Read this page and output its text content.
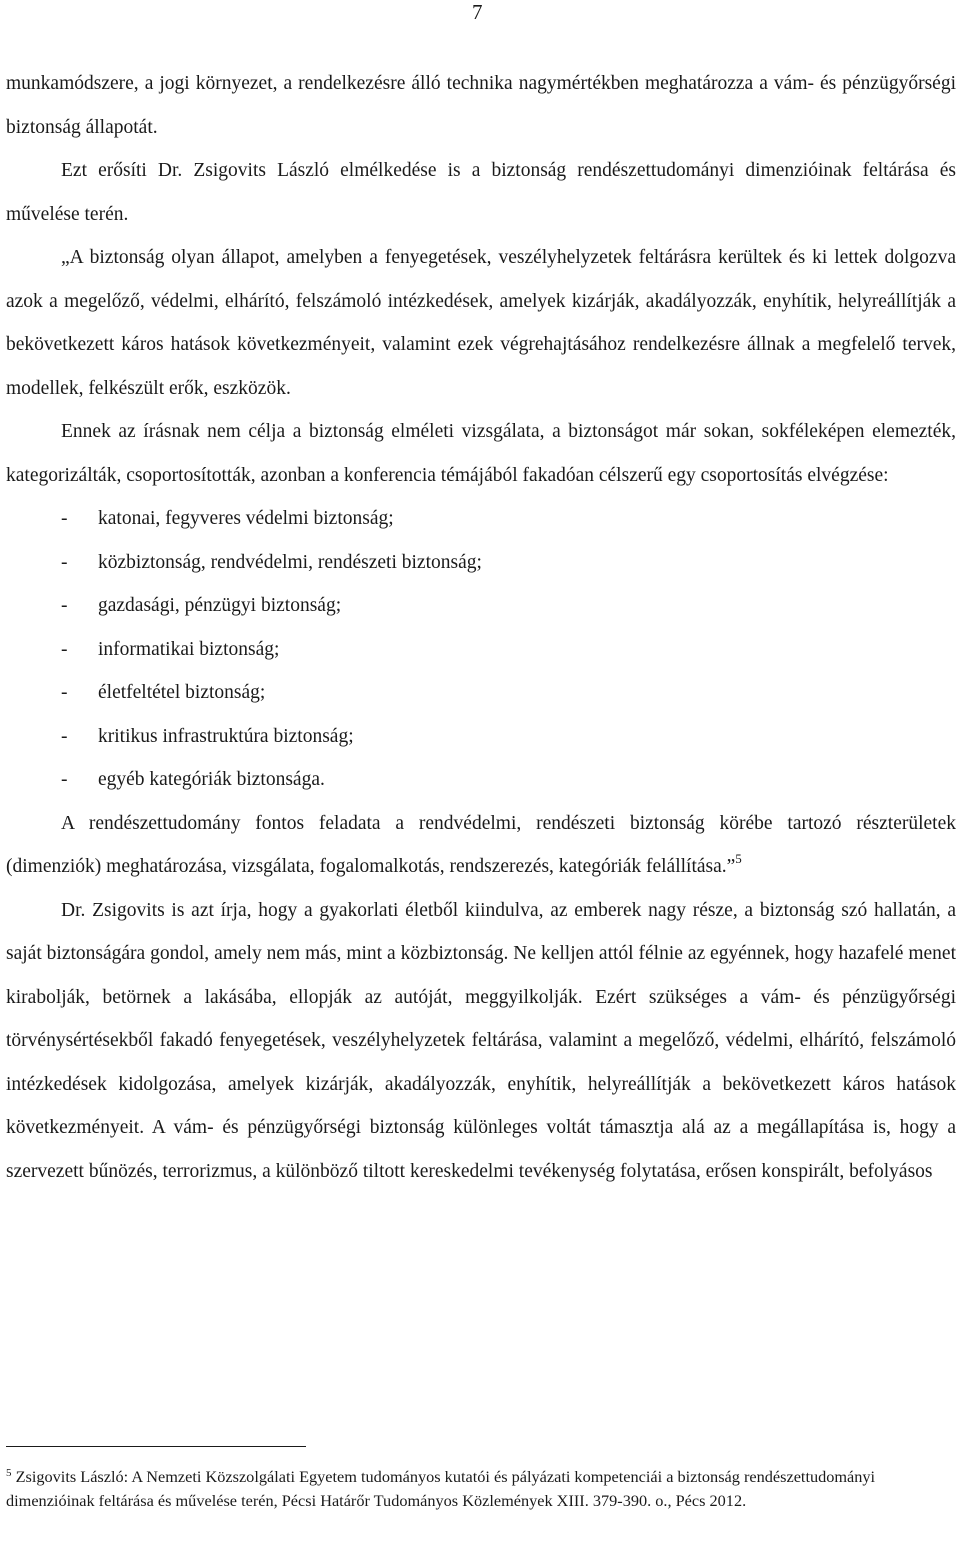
7

munkamódszere, a jogi környezet, a rendelkezésre álló technika nagymértékben meghatározza a vám- és pénzügyőrségi biztonság állapotát.

Ezt erősíti Dr. Zsigovits László elmélkedése is a biztonság rendészettudományi dimenzióinak feltárása és művelése terén.

„A biztonság olyan állapot, amelyben a fenyegetések, veszélyhelyzetek feltárásra kerültek és ki lettek dolgozva azok a megelőző, védelmi, elhárító, felszámoló intézkedések, amelyek kizárják, akadályozzák, enyhítik, helyreállítják a bekövetkezett káros hatások következményeit, valamint ezek végrehajtásához rendelkezésre állnak a megfelelő tervek, modellek, felkészült erők, eszközök.

Ennek az írásnak nem célja a biztonság elméleti vizsgálata, a biztonságot már sokan, sokféleképen elemezték, kategorizálták, csoportosították, azonban a konferencia témájából fakadóan célszerű egy csoportosítás elvégzése:

- katonai, fegyveres védelmi biztonság;
- közbiztonság, rendvédelmi, rendészeti biztonság;
- gazdasági, pénzügyi biztonság;
- informatikai biztonság;
- életfeltétel biztonság;
- kritikus infrastruktúra biztonság;
- egyéb kategóriák biztonsága.

A rendészettudomány fontos feladata a rendvédelmi, rendészeti biztonság körébe tartozó részterületek (dimenziók) meghatározása, vizsgálata, fogalomalkotás, rendszerezés, kategóriák felállítása.”$^5$

Dr. Zsigovits is azt írja, hogy a gyakorlati életből kiindulva, az emberek nagy része, a biztonság szó hallatán, a saját biztonságára gondol, amely nem más, mint a közbiztonság. Ne kelljen attól félnie az egyénnek, hogy hazafelé menet kirabolják, betörnek a lakásába, ellopják az autóját, meggyilkolják. Ezért szükséges a vám- és pénzügyőrségi törvénysértésekből fakadó fenyegetések, veszélyhelyzetek feltárása, valamint a megelőző, védelmi, elhárító, felszámoló intézkedések kidolgozása, amelyek kizárják, akadályozzák, enyhítik, helyreállítják a bekövetkezett káros hatások következményeit. A vám- és pénzügyőrségi biztonság különleges voltát támasztja alá az a megállapítása is, hogy a szervezett bűnözés, terrorizmus, a különböző tiltott kereskedelmi tevékenység folytatása, erősen konspirált, befolyásos

$^5$ Zsigovits László: A Nemzeti Közszolgálati Egyetem tudományos kutatói és pályázati kompetenciái a biztonság rendészettudományi dimenzióinak feltárása és művelése terén, Pécsi Határőr Tudományos Közlemények XIII. 379-390. o., Pécs 2012.
